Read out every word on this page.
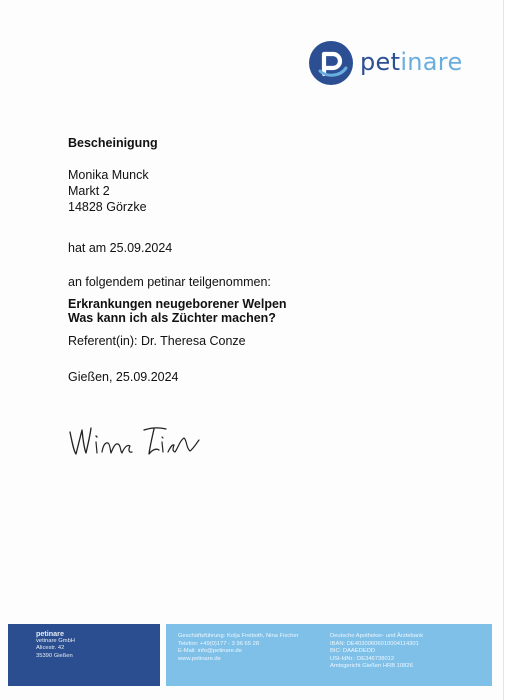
petinare
Bescheinigung
Monika Munck
Markt 2
14828 Görzke
hat am 25.09.2024
an folgendem petinar teilgenommen:
Erkrankungen neugeborener Welpen
Was kann ich als Züchter machen?
Referent(in): Dr. Theresa Conze
Gießen, 25.09.2024
petinare
vetinare GmbH
Alicestr. 42
35390 Gießen
Geschäftsführung: Kolja Freiboth, Nina Fischer
Telefon: +49(0)177 - 3 96 65 28
E-Mail: info@petinare.de
www.petinare.de
Deutsche Apotheker- und Ärztebank
IBAN: DE40300606010004114301
BIC: DAAEDEDD
USt-IdNr.: DE346738012
Amtsgericht Gießen HRB 10826
